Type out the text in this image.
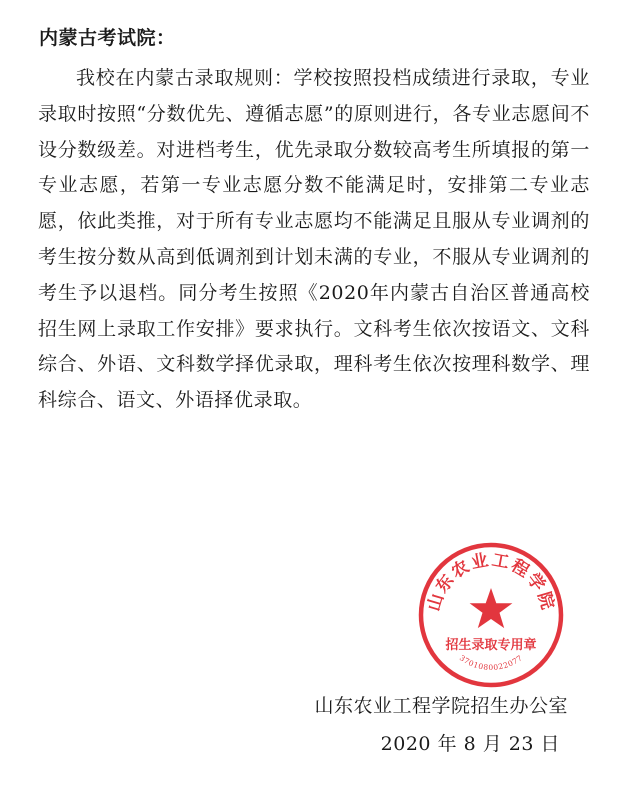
内蒙古考试院：
我校在内蒙古录取规则：学校按照投档成绩进行录取，专业录取时按照“分数优先、遵循志愿”的原则进行，各专业志愿间不设分数级差。对进档考生，优先录取分数较高考生所填报的第一专业志愿，若第一专业志愿分数不能满足时，安排第二专业志愿，依此类推，对于所有专业志愿均不能满足且服从专业调剂的考生按分数从高到低调剂到计划未满的专业，不服从专业调剂的考生予以退档。同分考生按照《2020年内蒙古自治区普通高校招生网上录取工作安排》要求执行。文科考生依次按语文、文科综合、外语、文科数学择优录取，理科考生依次按理科数学、理科综合、语文、外语择优录取。
山东农业工程学院招生办公室
2020 年 8 月 23 日
山东农业工程学院
招生录取专用章
3701080022077
